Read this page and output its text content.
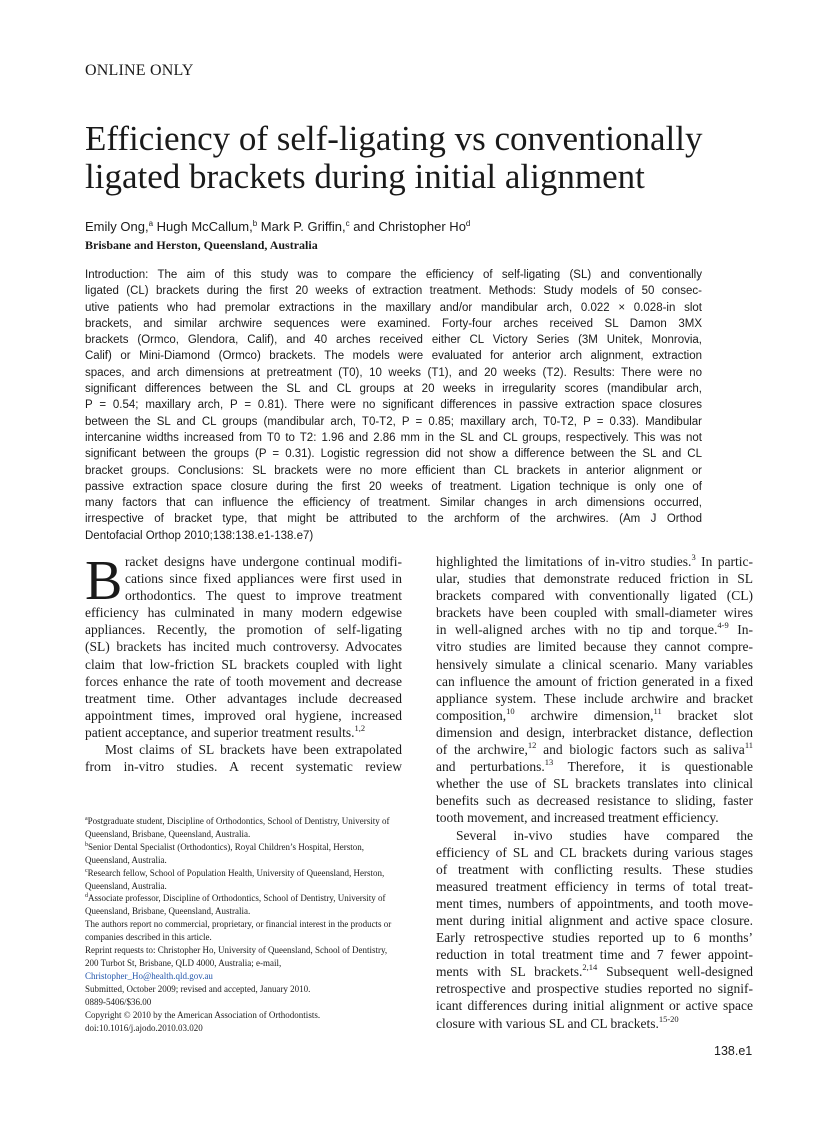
ONLINE ONLY
Efficiency of self-ligating vs conventionally
ligated brackets during initial alignment
Emily Ong,$^a$ Hugh McCallum,$^b$ Mark P. Griffin,$^c$ and Christopher Ho$^d$
Brisbane and Herston, Queensland, Australia
Introduction: The aim of this study was to compare the efficiency of self-ligating (SL) and conventionally
ligated (CL) brackets during the first 20 weeks of extraction treatment. Methods: Study models of 50 consec-
utive patients who had premolar extractions in the maxillary and/or mandibular arch, 0.022 × 0.028-in slot
brackets, and similar archwire sequences were examined. Forty-four arches received SL Damon 3MX
brackets (Ormco, Glendora, Calif), and 40 arches received either CL Victory Series (3M Unitek, Monrovia,
Calif) or Mini-Diamond (Ormco) brackets. The models were evaluated for anterior arch alignment, extraction
spaces, and arch dimensions at pretreatment (T0), 10 weeks (T1), and 20 weeks (T2). Results: There were no
significant differences between the SL and CL groups at 20 weeks in irregularity scores (mandibular arch,
P = 0.54; maxillary arch, P = 0.81). There were no significant differences in passive extraction space closures
between the SL and CL groups (mandibular arch, T0-T2, P = 0.85; maxillary arch, T0-T2, P = 0.33). Mandibular
intercanine widths increased from T0 to T2: 1.96 and 2.86 mm in the SL and CL groups, respectively. This was not
significant between the groups (P = 0.31). Logistic regression did not show a difference between the SL and CL
bracket groups. Conclusions: SL brackets were no more efficient than CL brackets in anterior alignment or
passive extraction space closure during the first 20 weeks of treatment. Ligation technique is only one of
many factors that can influence the efficiency of treatment. Similar changes in arch dimensions occurred,
irrespective of bracket type, that might be attributed to the archform of the archwires. (Am J Orthod
Dentofacial Orthop 2010;138:138.e1-138.e7)
B racket designs have undergone continual modifi-
cations since fixed appliances were first used in
orthodontics. The quest to improve treatment
efficiency has culminated in many modern edgewise
appliances. Recently, the promotion of self-ligating
(SL) brackets has incited much controversy. Advocates
claim that low-friction SL brackets coupled with light
forces enhance the rate of tooth movement and decrease
treatment time. Other advantages include decreased
appointment times, improved oral hygiene, increased
patient acceptance, and superior treatment results.$^{1,2}$
Most claims of SL brackets have been extrapolated
from in-vitro studies. A recent systematic review
highlighted the limitations of in-vitro studies.$^3$ In partic-
ular, studies that demonstrate reduced friction in SL
brackets compared with conventionally ligated (CL)
brackets have been coupled with small-diameter wires
in well-aligned arches with no tip and torque.$^{4-9}$ In-
vitro studies are limited because they cannot compre-
hensively simulate a clinical scenario. Many variables
can influence the amount of friction generated in a fixed
appliance system. These include archwire and bracket
composition,$^{10}$ archwire dimension,$^{11}$ bracket slot
dimension and design, interbracket distance, deflection
of the archwire,$^{12}$ and biologic factors such as saliva$^{11}$
and perturbations.$^{13}$ Therefore, it is questionable
whether the use of SL brackets translates into clinical
benefits such as decreased resistance to sliding, faster
tooth movement, and increased treatment efficiency.
Several in-vivo studies have compared the
efficiency of SL and CL brackets during various stages
of treatment with conflicting results. These studies
measured treatment efficiency in terms of total treat-
ment times, numbers of appointments, and tooth move-
ment during initial alignment and active space closure.
Early retrospective studies reported up to 6 months’
reduction in total treatment time and 7 fewer appoint-
ments with SL brackets.$^{2,14}$ Subsequent well-designed
retrospective and prospective studies reported no signif-
icant differences during initial alignment or active space
closure with various SL and CL brackets.$^{15-20}$
$^a$Postgraduate student, Discipline of Orthodontics, School of Dentistry, University of Queensland, Brisbane, Queensland, Australia.
$^b$Senior Dental Specialist (Orthodontics), Royal Children’s Hospital, Herston, Queensland, Australia.
$^c$Research fellow, School of Population Health, University of Queensland, Herston, Queensland, Australia.
$^d$Associate professor, Discipline of Orthodontics, School of Dentistry, University of Queensland, Brisbane, Queensland, Australia.
The authors report no commercial, proprietary, or financial interest in the products or companies described in this article.
Reprint requests to: Christopher Ho, University of Queensland, School of Dentistry, 200 Turbot St, Brisbane, QLD 4000, Australia; e-mail, Christopher_Ho@health.qld.gov.au
Submitted, October 2009; revised and accepted, January 2010.
0889-5406/$36.00
Copyright © 2010 by the American Association of Orthodontists.
doi:10.1016/j.ajodo.2010.03.020
138.e1
